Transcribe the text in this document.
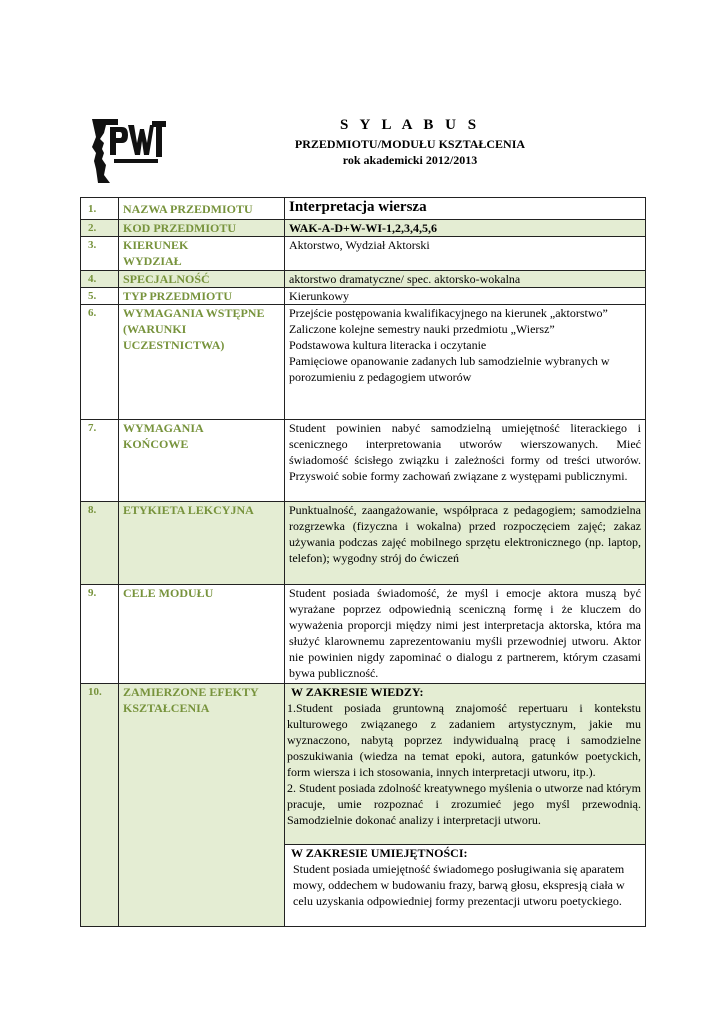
S Y L A B U S
PRZEDMIOTU/MODUŁU KSZTAŁCENIA
rok akademicki 2012/2013
1.	NAZWA PRZEDMIOTU	Interpretacja wiersza
2.	KOD PRZEDMIOTU	WAK-A-D+W-WI-1,2,3,4,5,6
3.	KIERUNEK WYDZIAŁ	Aktorstwo, Wydział Aktorski
4.	SPECJALNOŚĆ	aktorstwo dramatyczne/ spec. aktorsko-wokalna
5.	TYP PRZEDMIOTU	Kierunkowy
6.	WYMAGANIA WSTĘPNE (WARUNKI UCZESTNICTWA)	Przejście postępowania kwalifikacyjnego na kierunek „aktorstwo”
Zaliczone kolejne semestry nauki przedmiotu „Wiersz”
Podstawowa kultura literacka i oczytanie
Pamięciowe opanowanie zadanych lub samodzielnie wybranych w porozumieniu z pedagogiem utworów

7.	WYMAGANIA KOŃCOWE	Student powinien nabyć samodzielną umiejętność literackiego i scenicznego interpretowania utworów wierszowanych. Mieć świadomość ścisłego związku i zależności formy od treści utworów. Przyswoić sobie formy zachowań związane z występami publicznymi.
8.	ETYKIETA LEKCYJNA	Punktualność, zaangażowanie, współpraca z pedagogiem; samodzielna rozgrzewka (fizyczna i wokalna) przed rozpoczęciem zajęć; zakaz używania podczas zajęć mobilnego sprzętu elektronicznego (np. laptop, telefon); wygodny strój do ćwiczeń
9.	CELE MODUŁU	Student posiada świadomość, że myśl i emocje aktora muszą być wyrażane poprzez odpowiednią sceniczną formę i że kluczem do wyważenia proporcji między nimi jest interpretacja aktorska, która ma służyć klarownemu zaprezentowaniu myśli przewodniej utworu. Aktor nie powinien nigdy zapominać o dialogu z partnerem, którym czasami bywa publiczność.
10.	ZAMIERZONE EFEKTY KSZTAŁCENIA	W ZAKRESIE WIEDZY:
1.Student posiada gruntowną znajomość repertuaru i kontekstu kulturowego związanego z zadaniem artystycznym, jakie mu wyznaczono, nabytą poprzez indywidualną pracę i samodzielne poszukiwania (wiedza na temat epoki, autora, gatunków poetyckich, form wiersza i ich stosowania, innych interpretacji utworu, itp.).
2. Student posiada zdolność kreatywnego myślenia o utworze nad którym pracuje, umie rozpoznać i zrozumieć jego myśl przewodnią. Samodzielnie dokonać analizy i interpretacji utworu.

		W ZAKRESIE UMIEJĘTNOŚCI:
Student posiada umiejętność świadomego posługiwania się aparatem mowy, oddechem w budowaniu frazy, barwą głosu, ekspresją ciała w celu uzyskania odpowiedniej formy prezentacji utworu poetyckiego.
